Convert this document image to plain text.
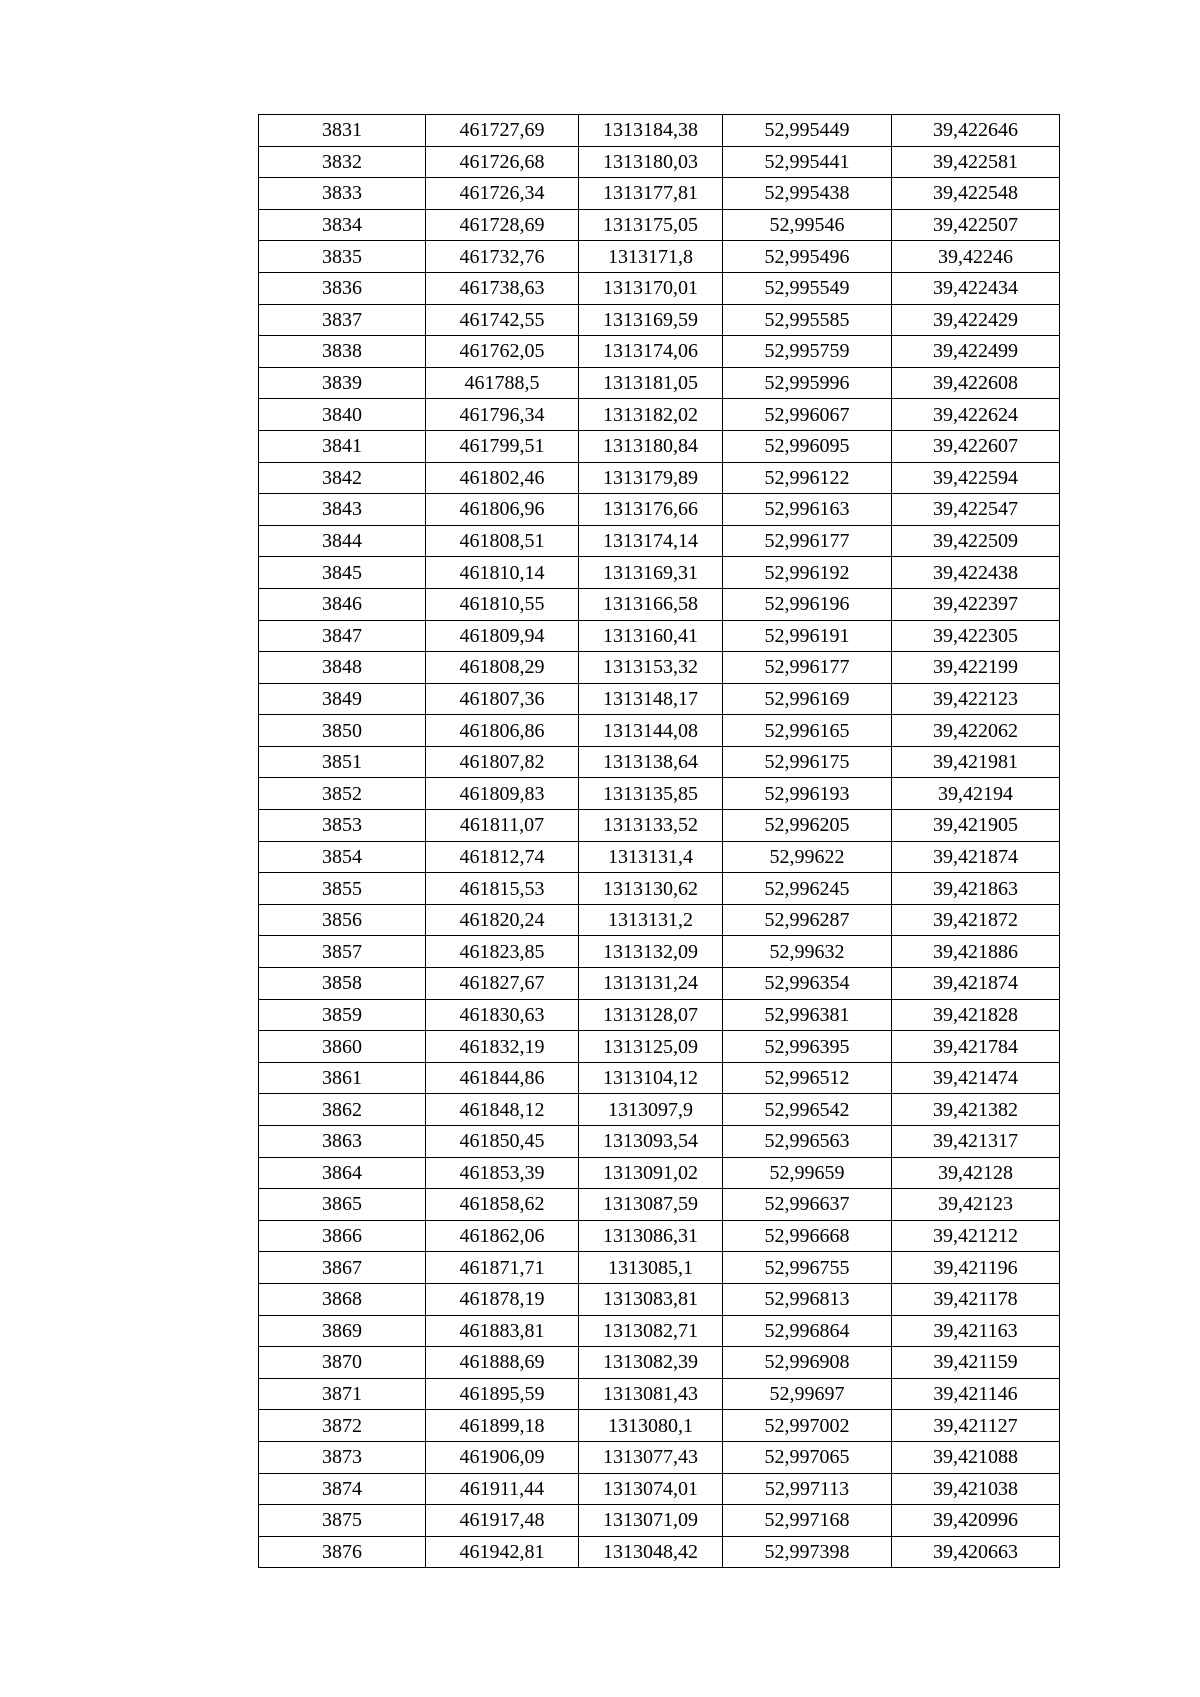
3831	461727,69	1313184,38	52,995449	39,422646
3832	461726,68	1313180,03	52,995441	39,422581
3833	461726,34	1313177,81	52,995438	39,422548
3834	461728,69	1313175,05	52,99546	39,422507
3835	461732,76	1313171,8	52,995496	39,42246
3836	461738,63	1313170,01	52,995549	39,422434
3837	461742,55	1313169,59	52,995585	39,422429
3838	461762,05	1313174,06	52,995759	39,422499
3839	461788,5	1313181,05	52,995996	39,422608
3840	461796,34	1313182,02	52,996067	39,422624
3841	461799,51	1313180,84	52,996095	39,422607
3842	461802,46	1313179,89	52,996122	39,422594
3843	461806,96	1313176,66	52,996163	39,422547
3844	461808,51	1313174,14	52,996177	39,422509
3845	461810,14	1313169,31	52,996192	39,422438
3846	461810,55	1313166,58	52,996196	39,422397
3847	461809,94	1313160,41	52,996191	39,422305
3848	461808,29	1313153,32	52,996177	39,422199
3849	461807,36	1313148,17	52,996169	39,422123
3850	461806,86	1313144,08	52,996165	39,422062
3851	461807,82	1313138,64	52,996175	39,421981
3852	461809,83	1313135,85	52,996193	39,42194
3853	461811,07	1313133,52	52,996205	39,421905
3854	461812,74	1313131,4	52,99622	39,421874
3855	461815,53	1313130,62	52,996245	39,421863
3856	461820,24	1313131,2	52,996287	39,421872
3857	461823,85	1313132,09	52,99632	39,421886
3858	461827,67	1313131,24	52,996354	39,421874
3859	461830,63	1313128,07	52,996381	39,421828
3860	461832,19	1313125,09	52,996395	39,421784
3861	461844,86	1313104,12	52,996512	39,421474
3862	461848,12	1313097,9	52,996542	39,421382
3863	461850,45	1313093,54	52,996563	39,421317
3864	461853,39	1313091,02	52,99659	39,42128
3865	461858,62	1313087,59	52,996637	39,42123
3866	461862,06	1313086,31	52,996668	39,421212
3867	461871,71	1313085,1	52,996755	39,421196
3868	461878,19	1313083,81	52,996813	39,421178
3869	461883,81	1313082,71	52,996864	39,421163
3870	461888,69	1313082,39	52,996908	39,421159
3871	461895,59	1313081,43	52,99697	39,421146
3872	461899,18	1313080,1	52,997002	39,421127
3873	461906,09	1313077,43	52,997065	39,421088
3874	461911,44	1313074,01	52,997113	39,421038
3875	461917,48	1313071,09	52,997168	39,420996
3876	461942,81	1313048,42	52,997398	39,420663
